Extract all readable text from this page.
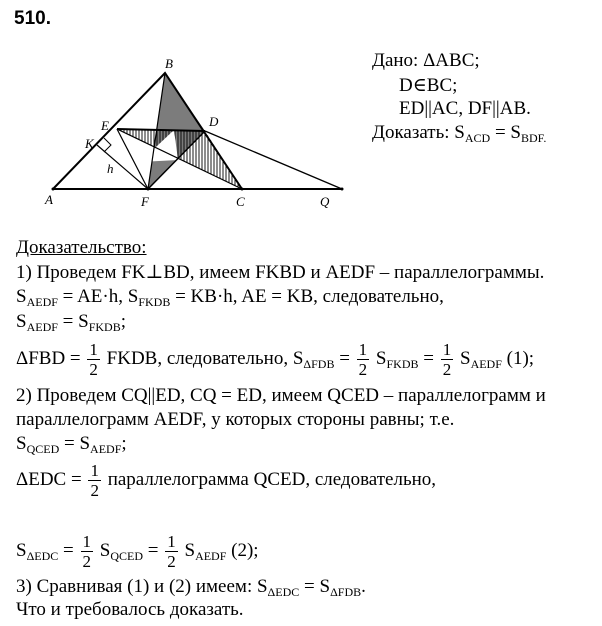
510.
A
B
C
D
E
F
K
Q
h
Дано: ΔABC;
D∈BC;
ED||AC, DF||AB.
Доказать: $S_{ACD} = S_{BDF.}$
Доказательство:
1) Проведем FK⊥BD, имеем FKBD и AEDF – параллелограммы.
$S_{AEDF} = AE\cdot h$, $S_{FKDB} = KB\cdot h$, AE = KB, следовательно,
$S_{AEDF} = S_{FKDB}$;
$\Delta FBD = \frac{1}{2}$ FKDB, следовательно, $S_{\Delta FDB} = \frac{1}{2} S_{FKDB} = \frac{1}{2} S_{AEDF}$ (1);
2) Проведем CQ||ED, CQ = ED, имеем QCED – параллелограмм и
параллелограмм AEDF, у которых стороны равны; т.е.
$S_{QCED} = S_{AEDF}$;
$\Delta EDC = \frac{1}{2}$ параллелограмма QCED, следовательно,
$S_{\Delta EDC} = \frac{1}{2} S_{QCED} = \frac{1}{2} S_{AEDF}$ (2);
3) Сравнивая (1) и (2) имеем: $S_{\Delta EDC} = S_{\Delta FDB}$.
Что и требовалось доказать.
